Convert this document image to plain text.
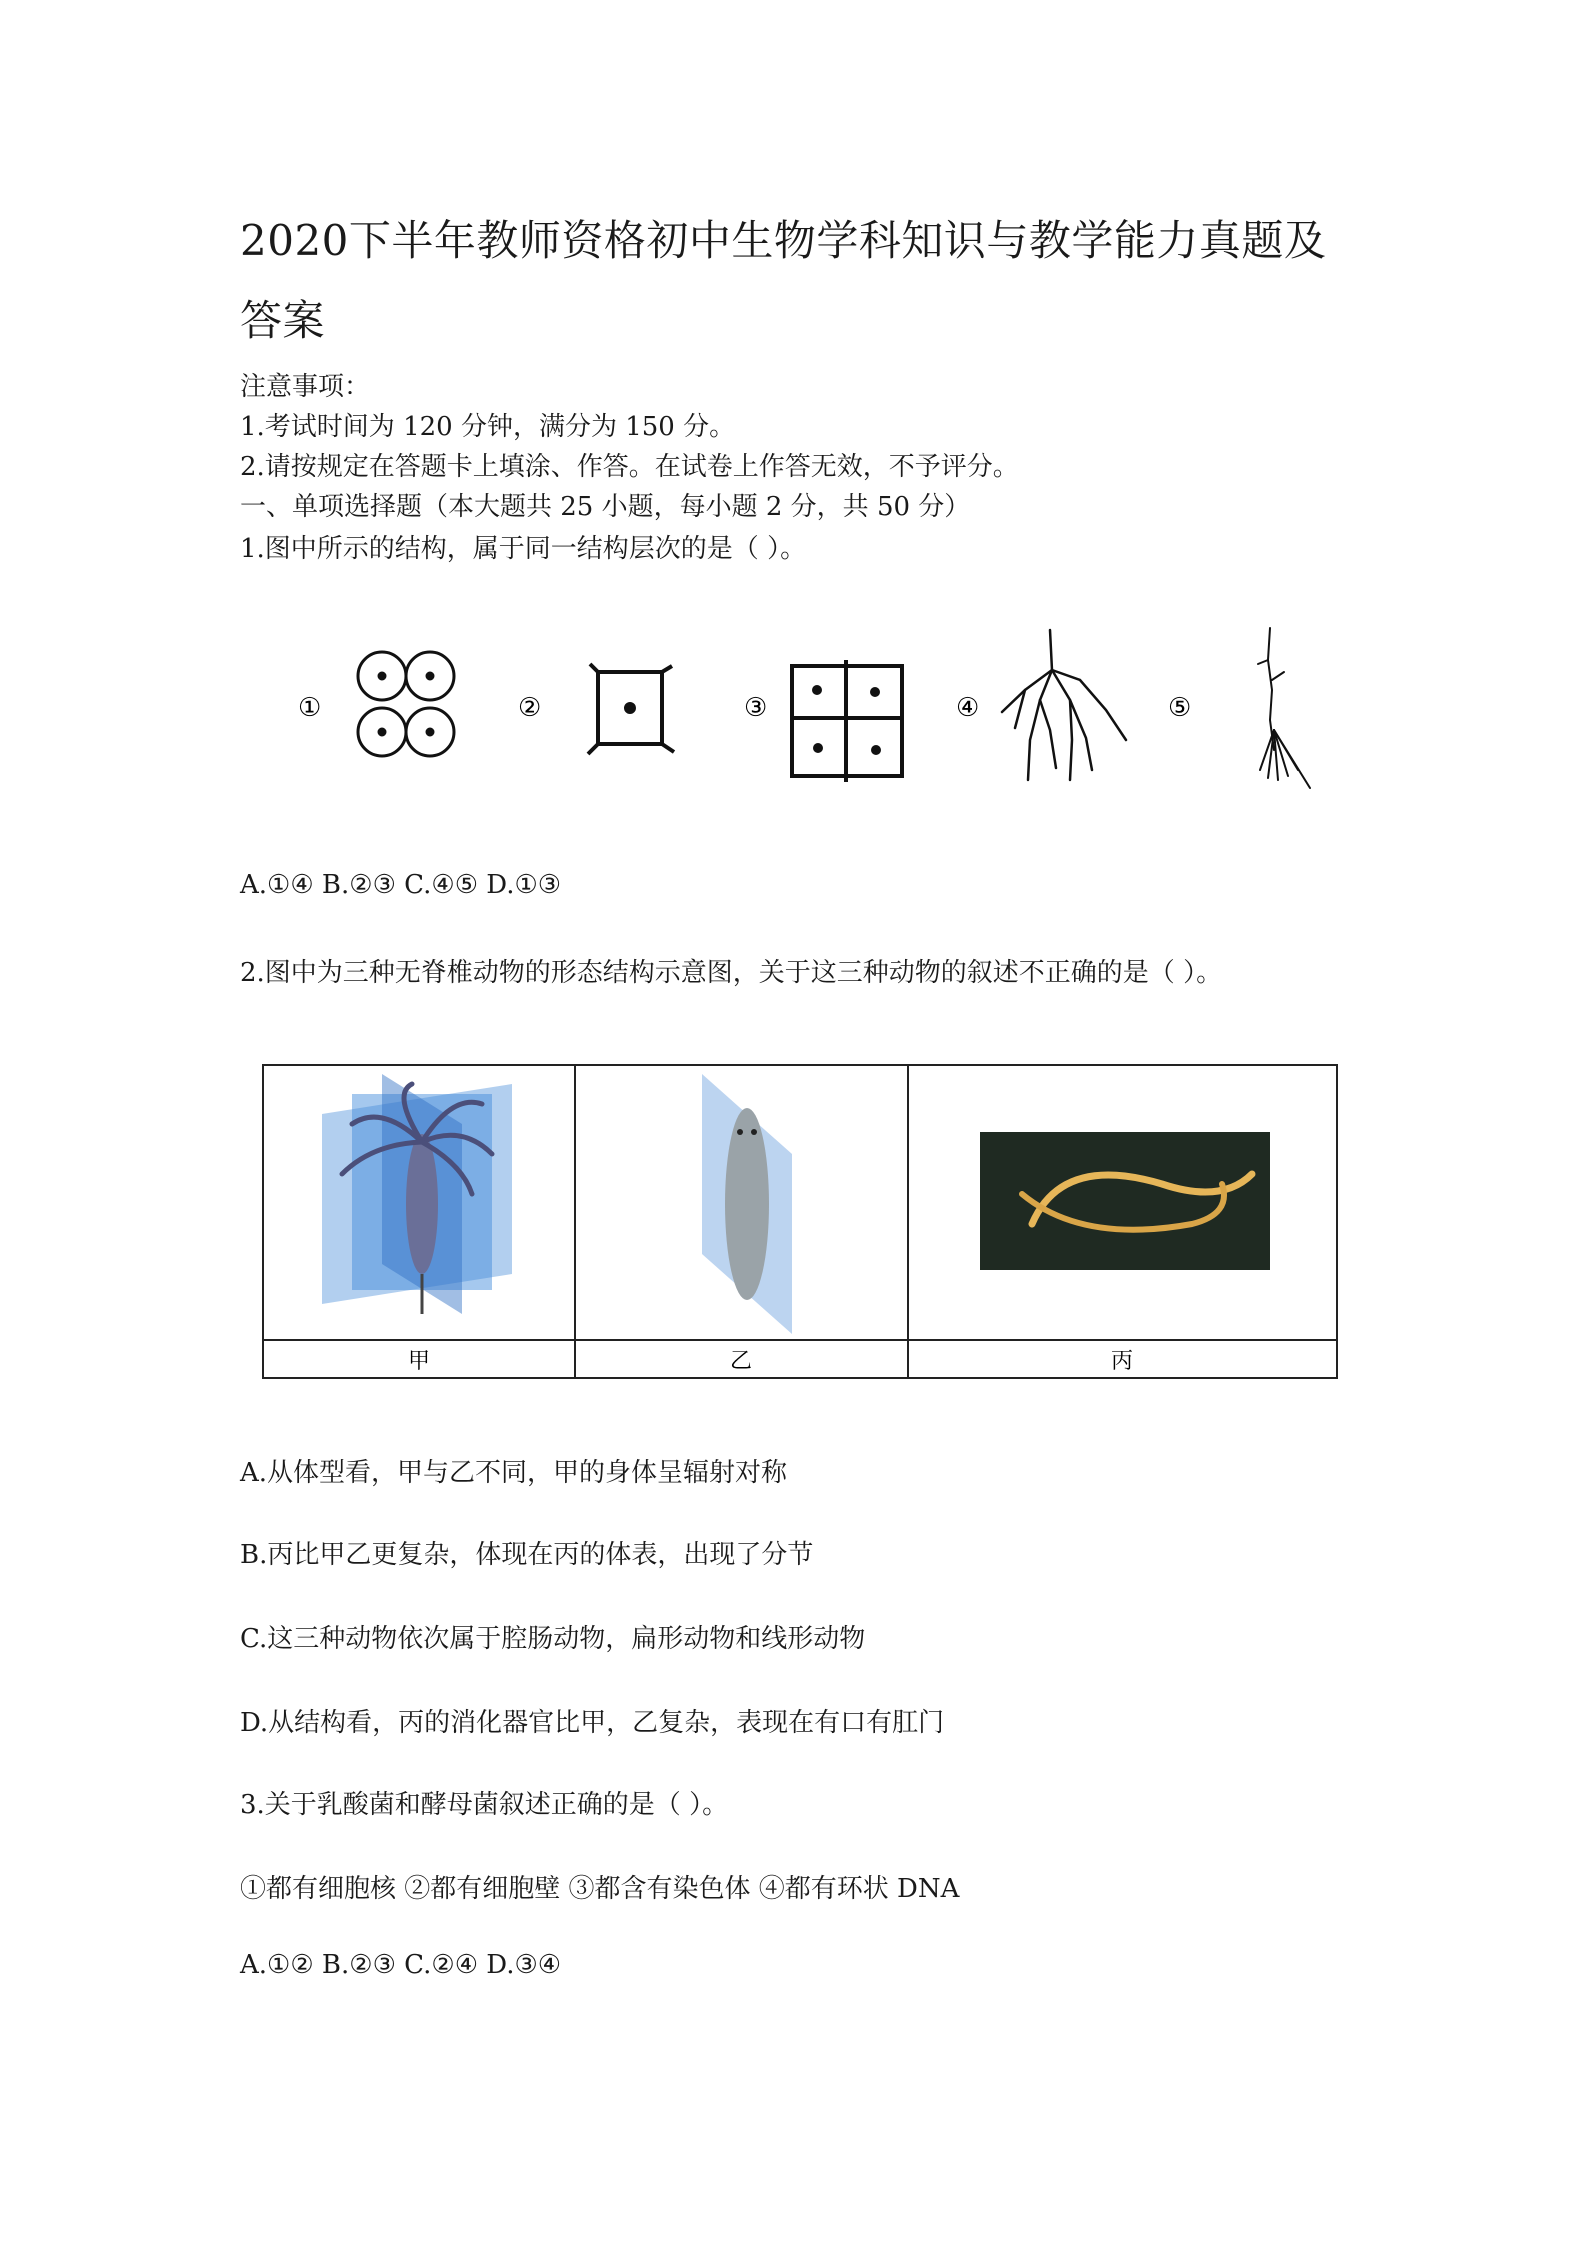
2020下半年教师资格初中生物学科知识与教学能力真题及
答案
注意事项：
1.考试时间为 120 分钟，满分为 150 分。
2.请按规定在答题卡上填涂、作答。在试卷上作答无效，不予评分。
一、单项选择题（本大题共 25 小题，每小题 2 分，共 50 分）
1.图中所示的结构，属于同一结构层次的是（ ）。
①	②	③	④	⑤
A.①④ B.②③ C.④⑤ D.①③
2.图中为三种无脊椎动物的形态结构示意图，关于这三种动物的叙述不正确的是（ ）。
甲	乙	丙
A.从体型看，甲与乙不同，甲的身体呈辐射对称
B.丙比甲乙更复杂，体现在丙的体表，出现了分节
C.这三种动物依次属于腔肠动物，扁形动物和线形动物
D.从结构看，丙的消化器官比甲，乙复杂，表现在有口有肛门
3.关于乳酸菌和酵母菌叙述正确的是（ ）。
①都有细胞核 ②都有细胞壁 ③都含有染色体 ④都有环状 DNA
A.①② B.②③ C.②④ D.③④
